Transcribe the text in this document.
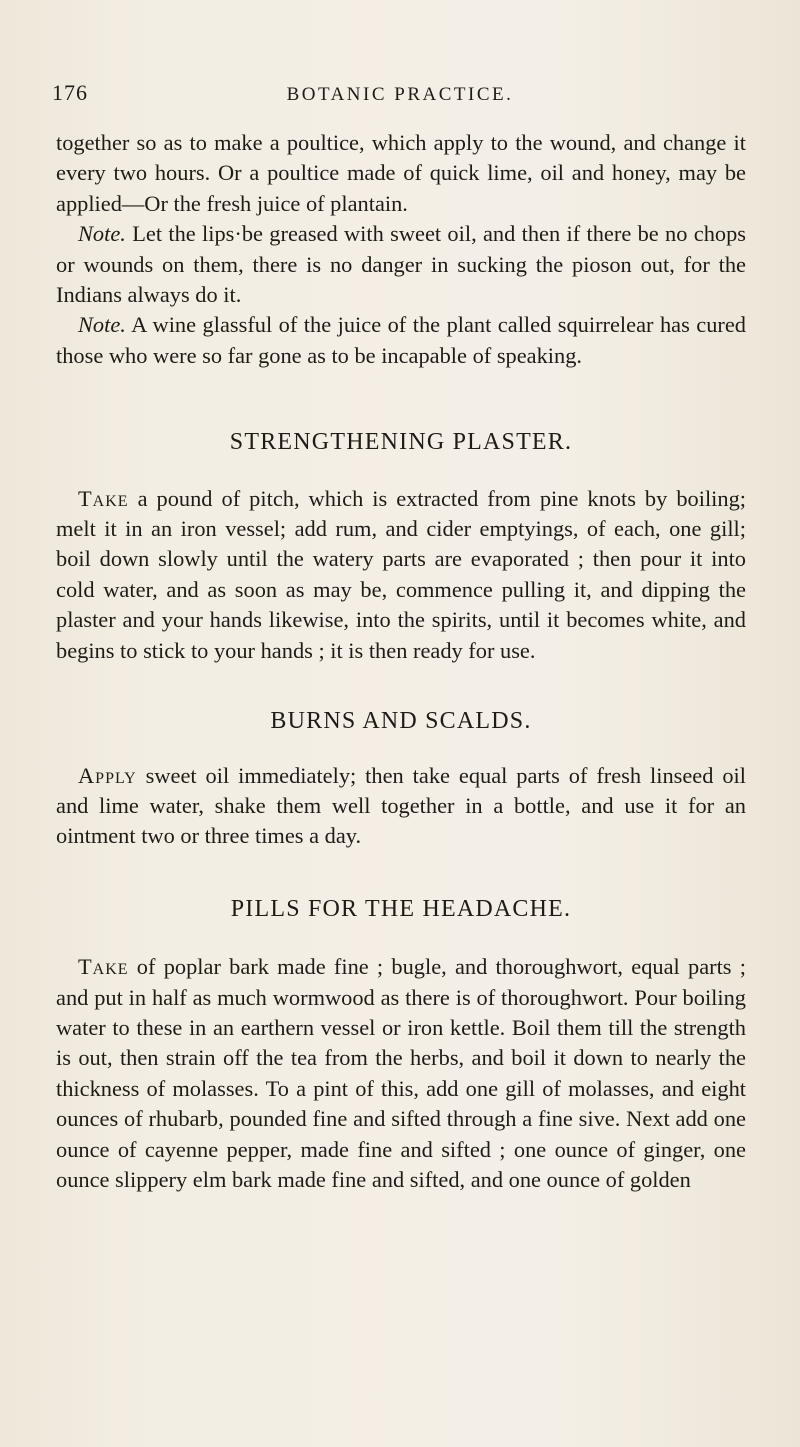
176	BOTANIC PRACTICE.

together so as to make a poultice, which apply to the wound, and change it every two hours. Or a poultice made of quick lime, oil and honey, may be applied—Or the fresh juice of plantain.

Note. Let the lips·be greased with sweet oil, and then if there be no chops or wounds on them, there is no danger in sucking the pioson out, for the Indians always do it.

Note. A wine glassful of the juice of the plant called squirrelear has cured those who were so far gone as to be incapable of speaking.

STRENGTHENING PLASTER.

Take a pound of pitch, which is extracted from pine knots by boiling; melt it in an iron vessel; add rum, and cider emptyings, of each, one gill; boil down slowly until the watery parts are evaporated ; then pour it into cold water, and as soon as may be, commence pulling it, and dipping the plaster and your hands likewise, into the spirits, until it becomes white, and begins to stick to your hands ; it is then ready for use.

BURNS AND SCALDS.

Apply sweet oil immediately; then take equal parts of fresh linseed oil and lime water, shake them well together in a bottle, and use it for an ointment two or three times a day.

PILLS FOR THE HEADACHE.

Take of poplar bark made fine ; bugle, and thoroughwort, equal parts ; and put in half as much wormwood as there is of thoroughwort. Pour boiling water to these in an earthern vessel or iron kettle. Boil them till the strength is out, then strain off the tea from the herbs, and boil it down to nearly the thickness of molasses. To a pint of this, add one gill of molasses, and eight ounces of rhubarb, pounded fine and sifted through a fine sive. Next add one ounce of cayenne pepper, made fine and sifted ; one ounce of ginger, one ounce slippery elm bark made fine and sifted, and one ounce of golden
